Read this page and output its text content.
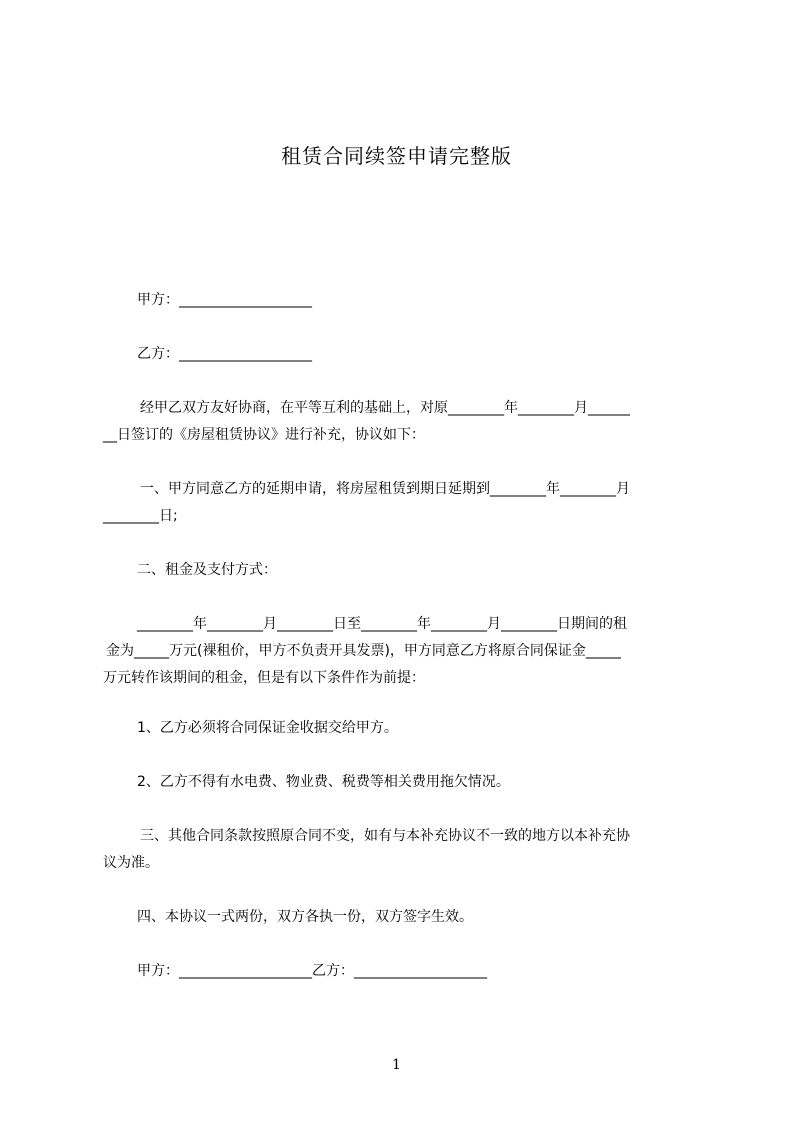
租赁合同续签申请完整版
甲方：___________________
乙方：___________________
经甲乙双方友好协商，在平等互利的基础上，对原________年________月______
__日签订的《房屋租赁协议》进行补充，协议如下：
一、甲方同意乙方的延期申请，将房屋租赁到期日延期到________年________月
________日;
二、租金及支付方式：
________年________月________日至________年________月________日期间的租
金为_____万元(裸租价，甲方不负责开具发票)，甲方同意乙方将原合同保证金_____
万元转作该期间的租金，但是有以下条件作为前提：
1、乙方必须将合同保证金收据交给甲方。
2、乙方不得有水电费、物业费、税费等相关费用拖欠情况。
三、其他合同条款按照原合同不变，如有与本补充协议不一致的地方以本补充协
议为准。
四、本协议一式两份，双方各执一份，双方签字生效。
甲方：___________________乙方：___________________
1
